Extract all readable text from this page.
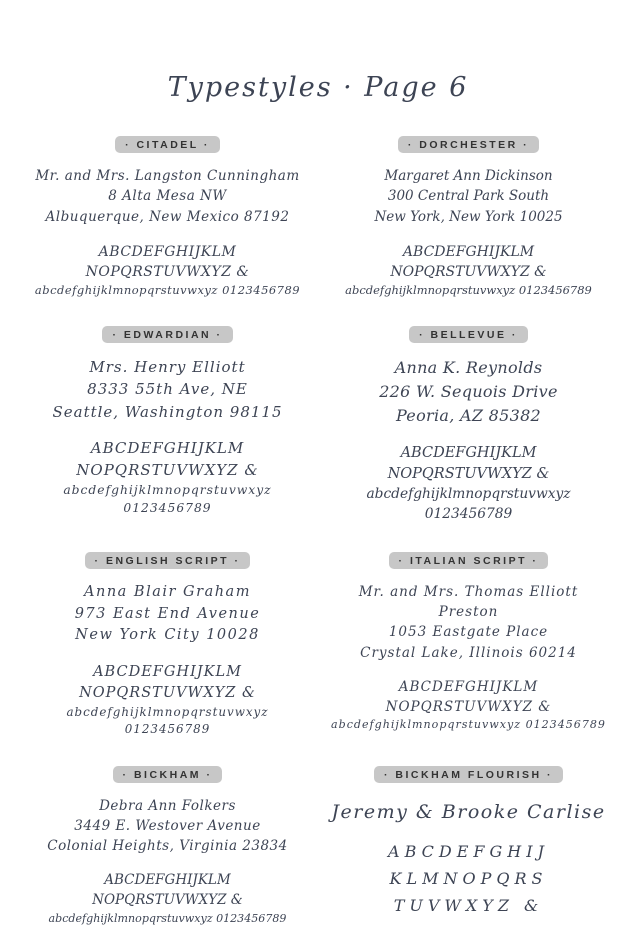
Typestyles · Page 6
· CITADEL ·
Mr. and Mrs. Langston Cunningham
8 Alta Mesa NW
Albuquerque, New Mexico 87192
ABCDEFGHIJKLM
NOPQRSTUVWXYZ &
abcdefghijklmnopqrstuvwxyz 0123456789
· DORCHESTER ·
Margaret Ann Dickinson
300 Central Park South
New York, New York 10025
ABCDEFGHIJKLM
NOPQRSTUVWXYZ &
abcdefghijklmnopqrstuvwxyz 0123456789
· EDWARDIAN ·
Mrs. Henry Elliott
8333 55th Ave, NE
Seattle, Washington 98115
ABCDEFGHIJKLM
NOPQRSTUVWXYZ &
abcdefghijklmnopqrstuvwxyz 0123456789
· BELLEVUE ·
Anna K. Reynolds
226 W. Sequois Drive
Peoria, AZ 85382
ABCDEFGHIJKLM
NOPQRSTUVWXYZ &
abcdefghijklmnopqrstuvwxyz 0123456789
· ENGLISH SCRIPT ·
Anna Blair Graham
973 East End Avenue
New York City 10028
ABCDEFGHIJKLM
NOPQRSTUVWXYZ &
abcdefghijklmnopqrstuvwxyz 0123456789
· ITALIAN SCRIPT ·
Mr. and Mrs. Thomas Elliott Preston
1053 Eastgate Place
Crystal Lake, Illinois 60214
ABCDEFGHIJKLM
NOPQRSTUVWXYZ &
abcdefghijklmnopqrstuvwxyz 0123456789
· BICKHAM ·
Debra Ann Folkers
3449 E. Westover Avenue
Colonial Heights, Virginia 23834
ABCDEFGHIJKLM
NOPQRSTUVWXYZ &
abcdefghijklmnopqrstuvwxyz 0123456789
· BICKHAM FLOURISH ·
Jeremy & Brooke Carlise
ABCDEFGHIJ
KLMNOPQRS
TUVWXYZ &
